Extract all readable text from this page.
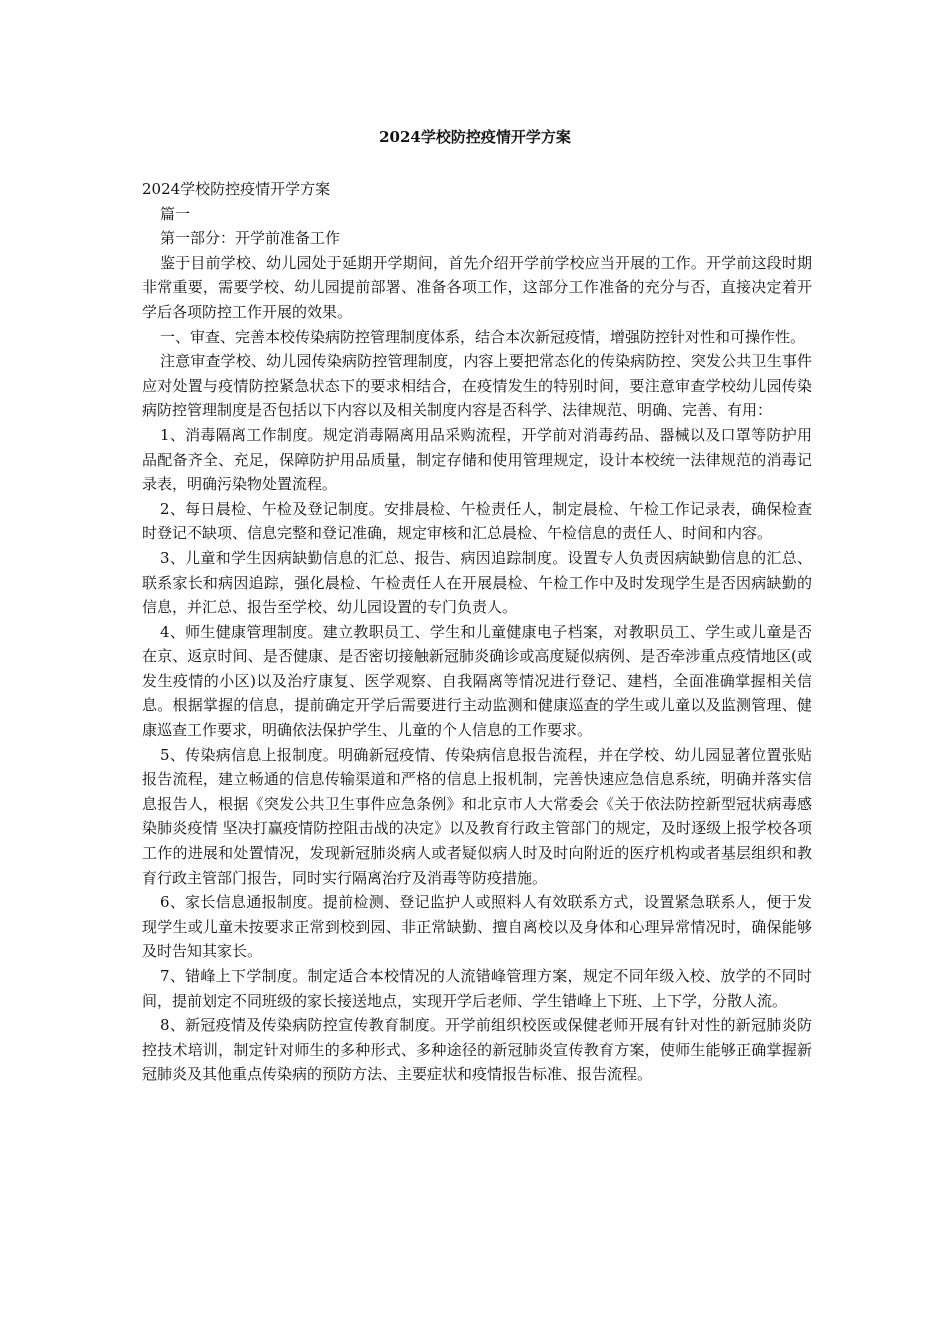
2024学校防控疫情开学方案

2024学校防控疫情开学方案

篇一

第一部分：开学前准备工作

鉴于目前学校、幼儿园处于延期开学期间，首先介绍开学前学校应当开展的工作。开学前这段时期非常重要，需要学校、幼儿园提前部署、准备各项工作，这部分工作准备的充分与否，直接决定着开学后各项防控工作开展的效果。

一、审查、完善本校传染病防控管理制度体系，结合本次新冠疫情，增强防控针对性和可操作性。

注意审查学校、幼儿园传染病防控管理制度，内容上要把常态化的传染病防控、突发公共卫生事件应对处置与疫情防控紧急状态下的要求相结合，在疫情发生的特别时间，要注意审查学校幼儿园传染病防控管理制度是否包括以下内容以及相关制度内容是否科学、法律规范、明确、完善、有用：

1、消毒隔离工作制度。规定消毒隔离用品采购流程，开学前对消毒药品、器械以及口罩等防护用品配备齐全、充足，保障防护用品质量，制定存储和使用管理规定，设计本校统一法律规范的消毒记录表，明确污染物处置流程。

2、每日晨检、午检及登记制度。安排晨检、午检责任人，制定晨检、午检工作记录表，确保检查时登记不缺项、信息完整和登记准确，规定审核和汇总晨检、午检信息的责任人、时间和内容。

3、儿童和学生因病缺勤信息的汇总、报告、病因追踪制度。设置专人负责因病缺勤信息的汇总、联系家长和病因追踪，强化晨检、午检责任人在开展晨检、午检工作中及时发现学生是否因病缺勤的信息，并汇总、报告至学校、幼儿园设置的专门负责人。

4、师生健康管理制度。建立教职员工、学生和儿童健康电子档案，对教职员工、学生或儿童是否在京、返京时间、是否健康、是否密切接触新冠肺炎确诊或高度疑似病例、是否牵涉重点疫情地区(或发生疫情的小区)以及治疗康复、医学观察、自我隔离等情况进行登记、建档，全面准确掌握相关信息。根据掌握的信息，提前确定开学后需要进行主动监测和健康巡查的学生或儿童以及监测管理、健康巡查工作要求，明确依法保护学生、儿童的个人信息的工作要求。

5、传染病信息上报制度。明确新冠疫情、传染病信息报告流程，并在学校、幼儿园显著位置张贴报告流程，建立畅通的信息传输渠道和严格的信息上报机制，完善快速应急信息系统，明确并落实信息报告人，根据《突发公共卫生事件应急条例》和北京市人大常委会《关于依法防控新型冠状病毒感染肺炎疫情 坚决打赢疫情防控阻击战的决定》以及教育行政主管部门的规定，及时逐级上报学校各项工作的进展和处置情况，发现新冠肺炎病人或者疑似病人时及时向附近的医疗机构或者基层组织和教育行政主管部门报告，同时实行隔离治疗及消毒等防疫措施。

6、家长信息通报制度。提前检测、登记监护人或照料人有效联系方式，设置紧急联系人，便于发现学生或儿童未按要求正常到校到园、非正常缺勤、擅自离校以及身体和心理异常情况时，确保能够及时告知其家长。

7、错峰上下学制度。制定适合本校情况的人流错峰管理方案，规定不同年级入校、放学的不同时间，提前划定不同班级的家长接送地点，实现开学后老师、学生错峰上下班、上下学，分散人流。

8、新冠疫情及传染病防控宣传教育制度。开学前组织校医或保健老师开展有针对性的新冠肺炎防控技术培训，制定针对师生的多种形式、多种途径的新冠肺炎宣传教育方案，使师生能够正确掌握新冠肺炎及其他重点传染病的预防方法、主要症状和疫情报告标准、报告流程。
